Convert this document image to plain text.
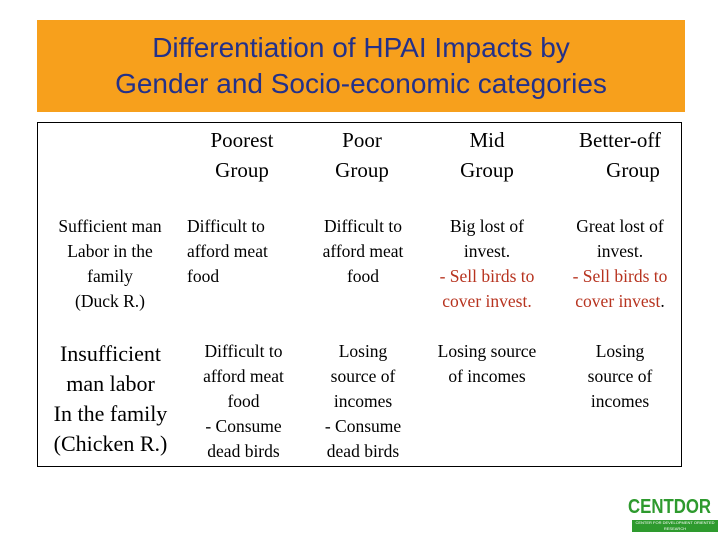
Differentiation of HPAI Impacts by
Gender and Socio-economic categories
Poorest
Group
Poor
Group
Mid
Group
Better-off
Group
Sufficient man
Labor in the
family
(Duck R.)
Difficult to
afford meat
food
Difficult to
afford meat
food
Big lost of
invest.
- Sell birds to
cover invest.
Great lost of
invest.
- Sell birds to
cover invest.
Insufficient
man labor
In the family
(Chicken R.)
Difficult to
afford meat
food
- Consume
dead birds
Losing
source of
incomes
- Consume
dead birds
Losing source
of incomes
Losing
source of
incomes
CENTDOR
CENTER FOR DEVELOPMENT ORIENTED RESEARCH
